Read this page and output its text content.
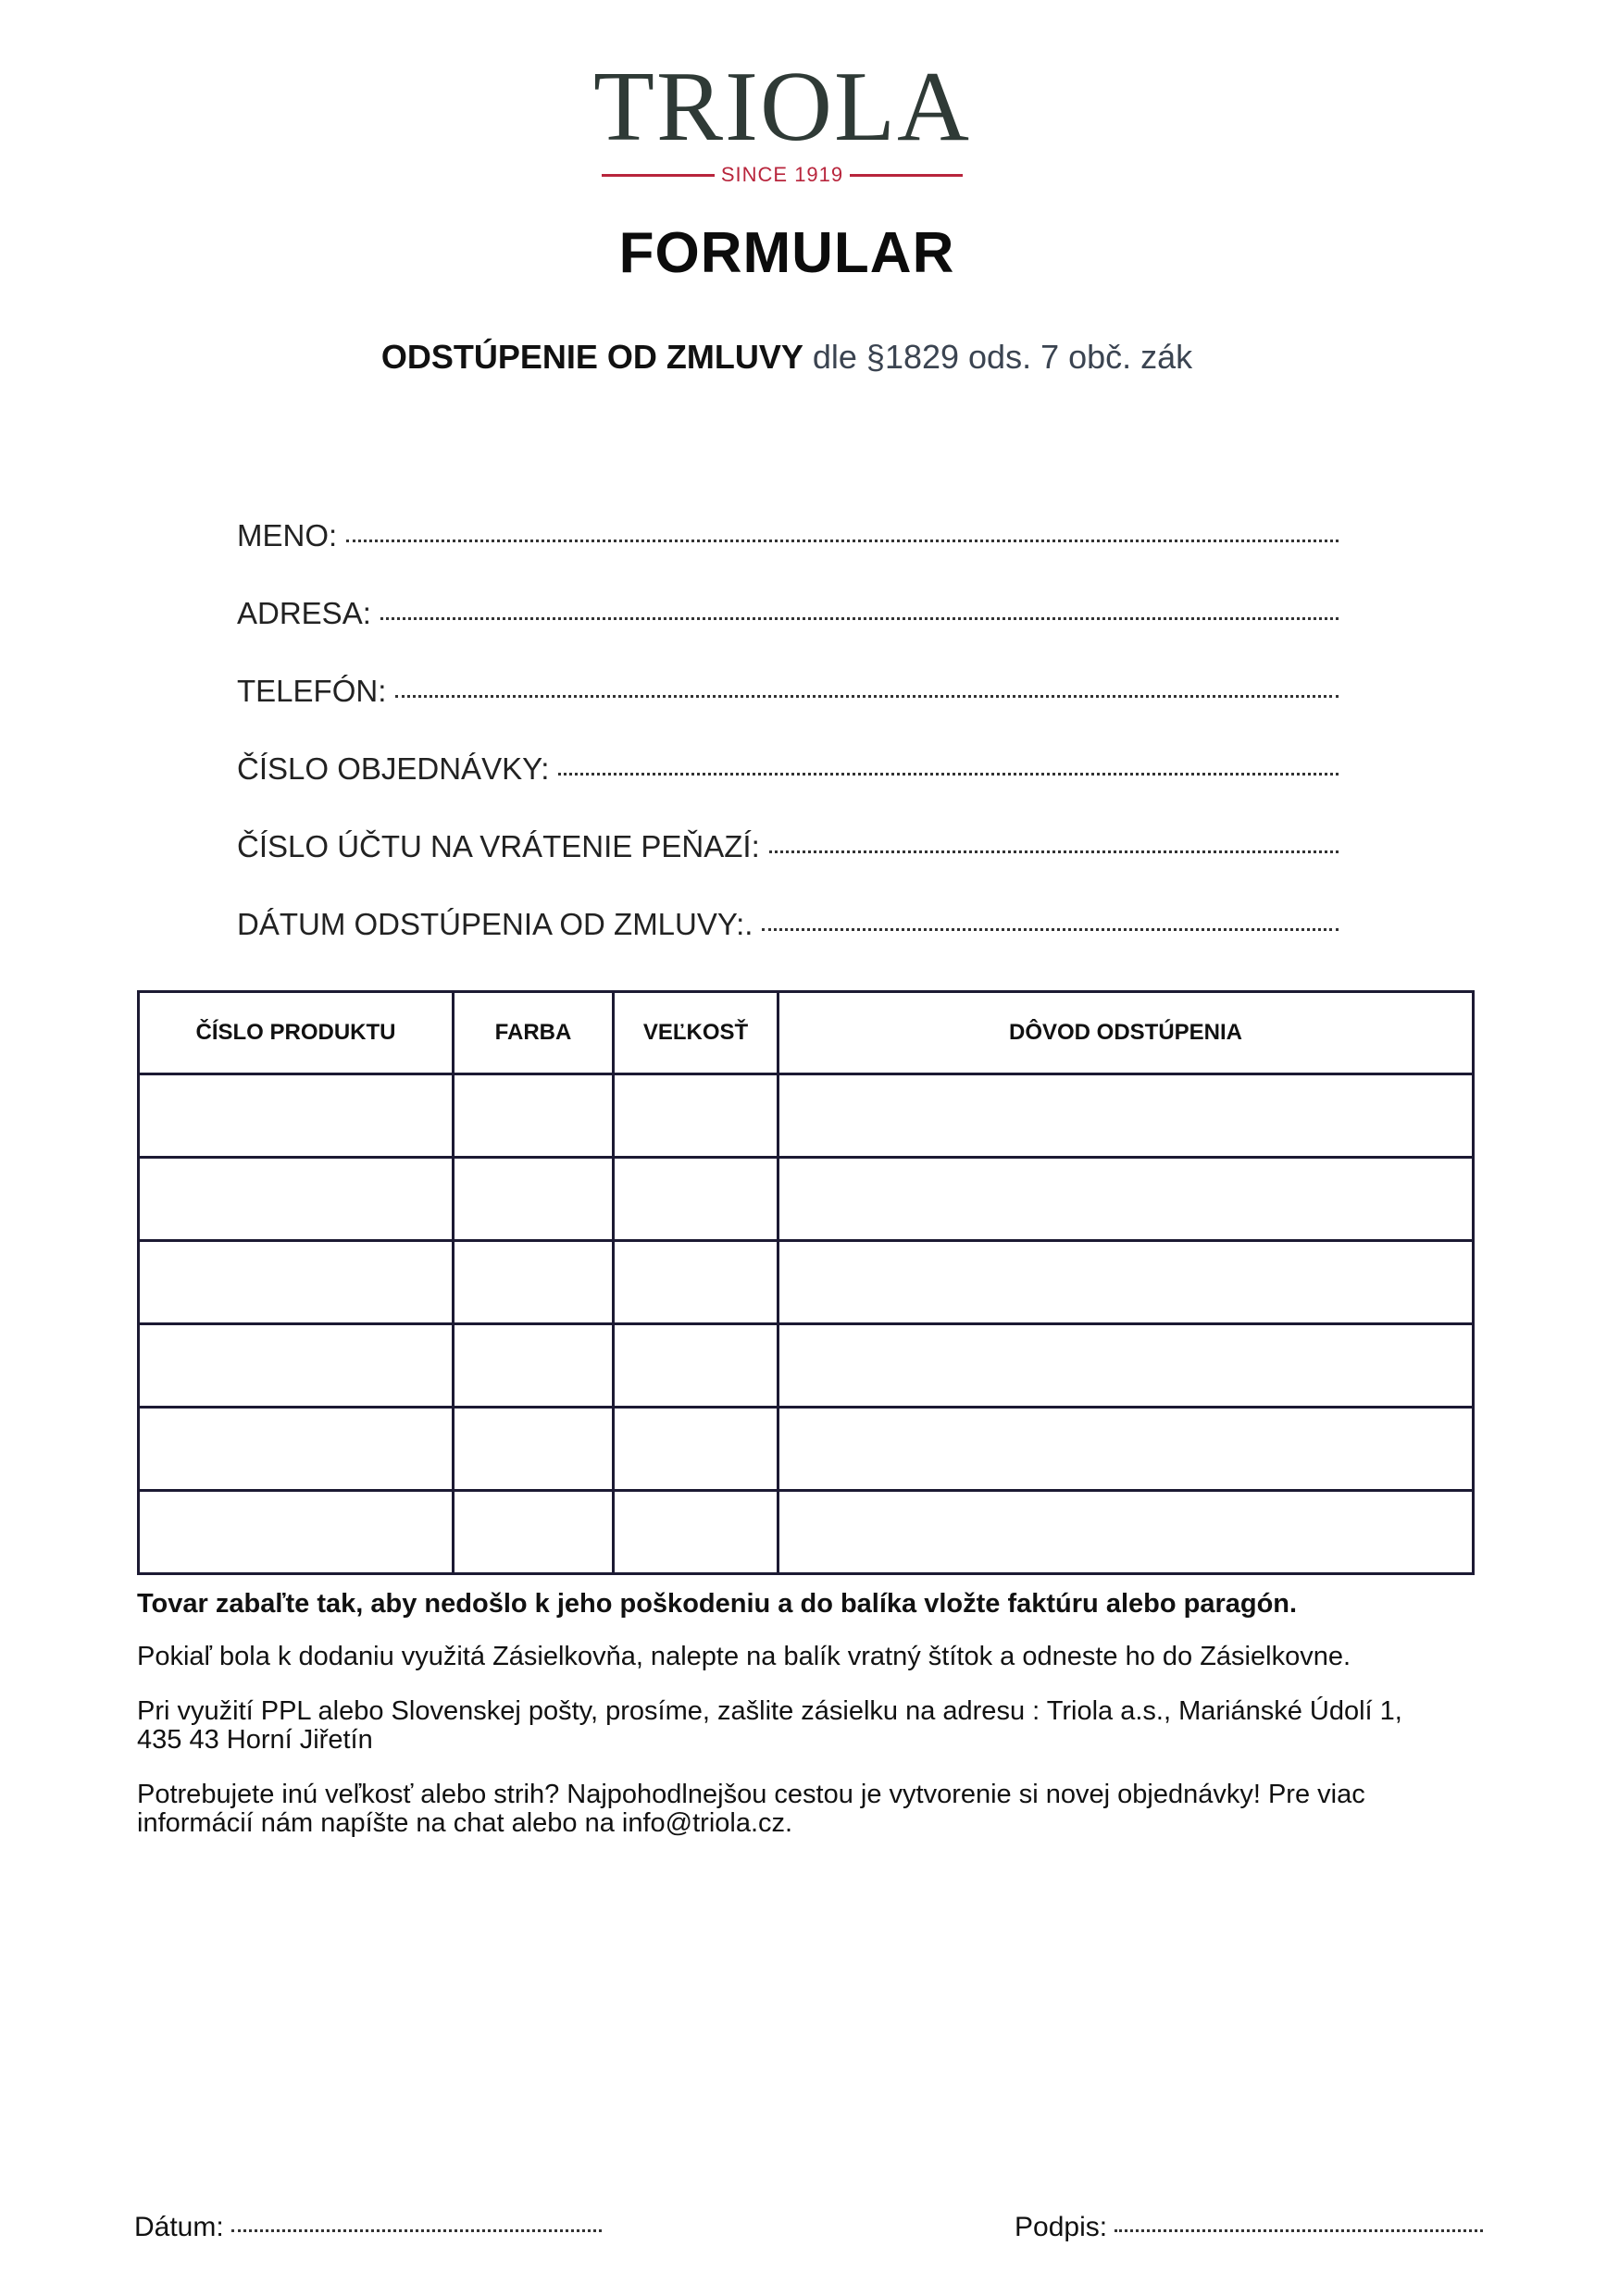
TRIOLA
SINCE 1919
FORMULAR
ODSTÚPENIE OD ZMLUVY dle §1829 ods. 7 obč. zák
MENO:
ADRESA:
TELEFÓN:
ČÍSLO OBJEDNÁVKY:
ČÍSLO ÚČTU NA VRÁTENIE PEŇAZÍ:
DÁTUM ODSTÚPENIA OD ZMLUVY:.
ČÍSLO PRODUKTU	FARBA	VEĽKOSŤ	DÔVOD ODSTÚPENIA

Tovar zabaľte tak, aby nedošlo k jeho poškodeniu a do balíka vložte faktúru alebo paragón.

Pokiaľ bola k dodaniu využitá Zásielkovňa, nalepte na balík vratný štítok a odneste ho do Zásielkovne.

Pri využití PPL alebo Slovenskej pošty, prosíme, zašlite zásielku na adresu : Triola a.s., Mariánské Údolí 1,
435 43 Horní Jiřetín

Potrebujete inú veľkosť alebo strih? Najpohodlnejšou cestou je vytvorenie si novej objednávky! Pre viac
informácií nám napíšte na chat alebo na info@triola.cz.

Dátum:	Podpis:
